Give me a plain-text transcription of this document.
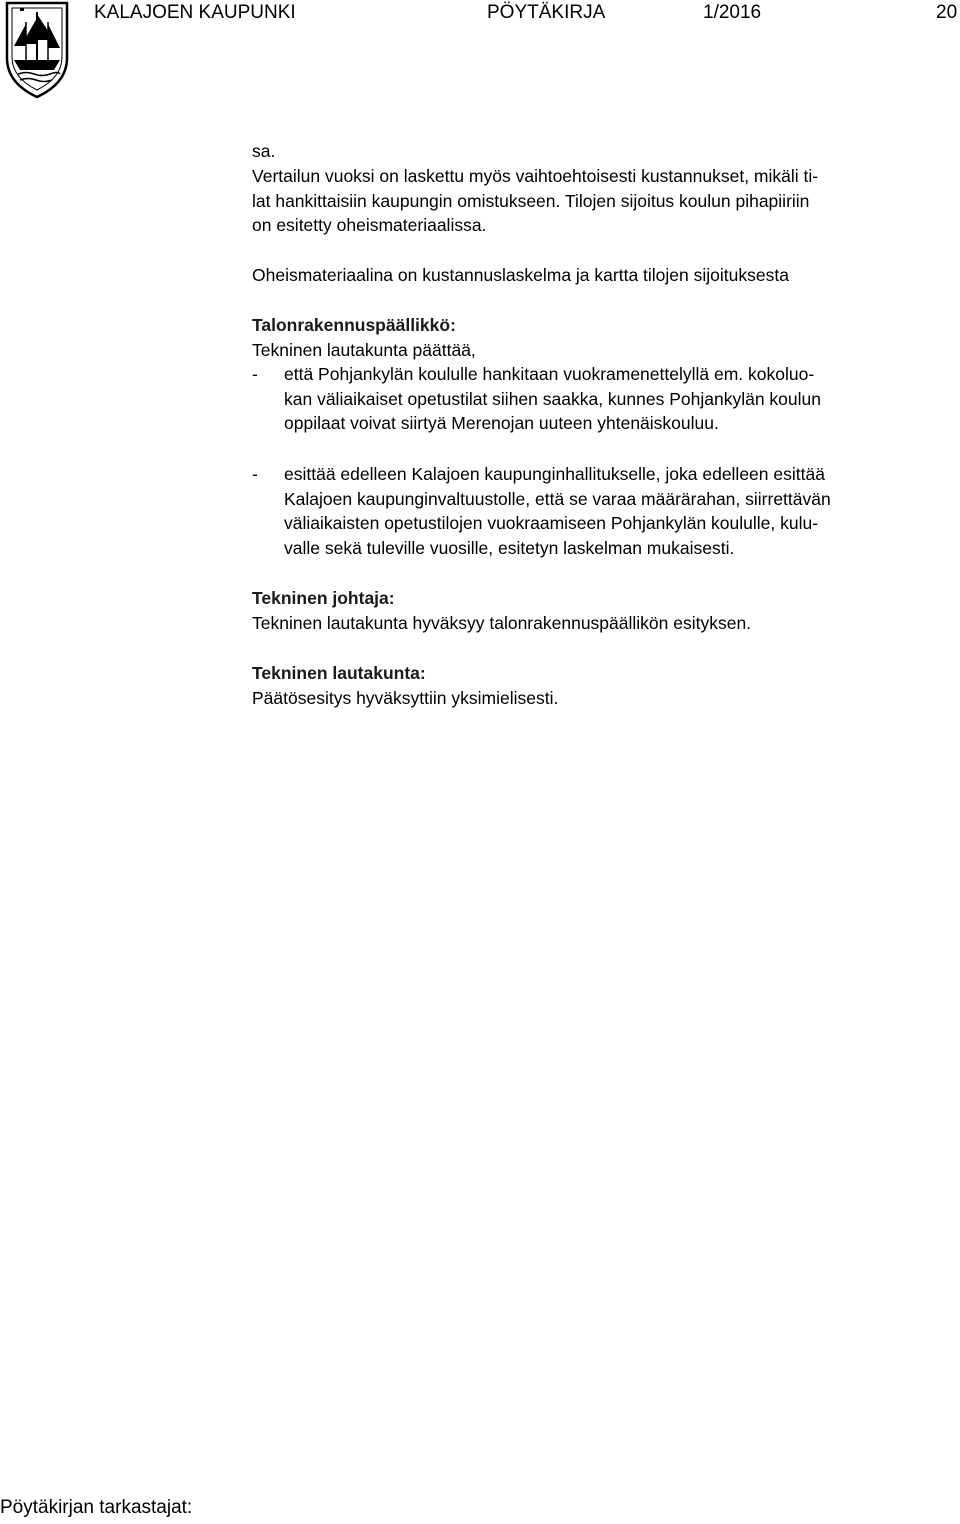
KALAJOEN KAUPUNKI	PÖYTÄKIRJA	1/2016	20

sa.

Vertailun vuoksi on laskettu myös vaihtoehtoisesti kustannukset, mikäli ti-

lat hankittaisiin kaupungin omistukseen. Tilojen sijoitus koulun pihapiiriin

on esitetty oheismateriaalissa.

Oheismateriaalina on kustannuslaskelma ja kartta tilojen sijoituksesta

Talonrakennuspäällikkö:

Tekninen lautakunta päättää,

-	että Pohjankylän koululle hankitaan vuokramenettelyllä em. kokoluo-

kan väliaikaiset opetustilat siihen saakka, kunnes Pohjankylän koulun

oppilaat voivat siirtyä Merenojan uuteen yhtenäiskouluu.

-	esittää edelleen Kalajoen kaupunginhallitukselle, joka edelleen esittää

Kalajoen kaupunginvaltuustolle, että se varaa määrärahan, siirrettävän

väliaikaisten opetustilojen vuokraamiseen Pohjankylän koululle, kulu-

valle sekä tuleville vuosille, esitetyn laskelman mukaisesti.

Tekninen johtaja:

Tekninen lautakunta hyväksyy talonrakennuspäällikön esityksen.

Tekninen lautakunta:

Päätösesitys hyväksyttiin yksimielisesti.

Pöytäkirjan tarkastajat:
